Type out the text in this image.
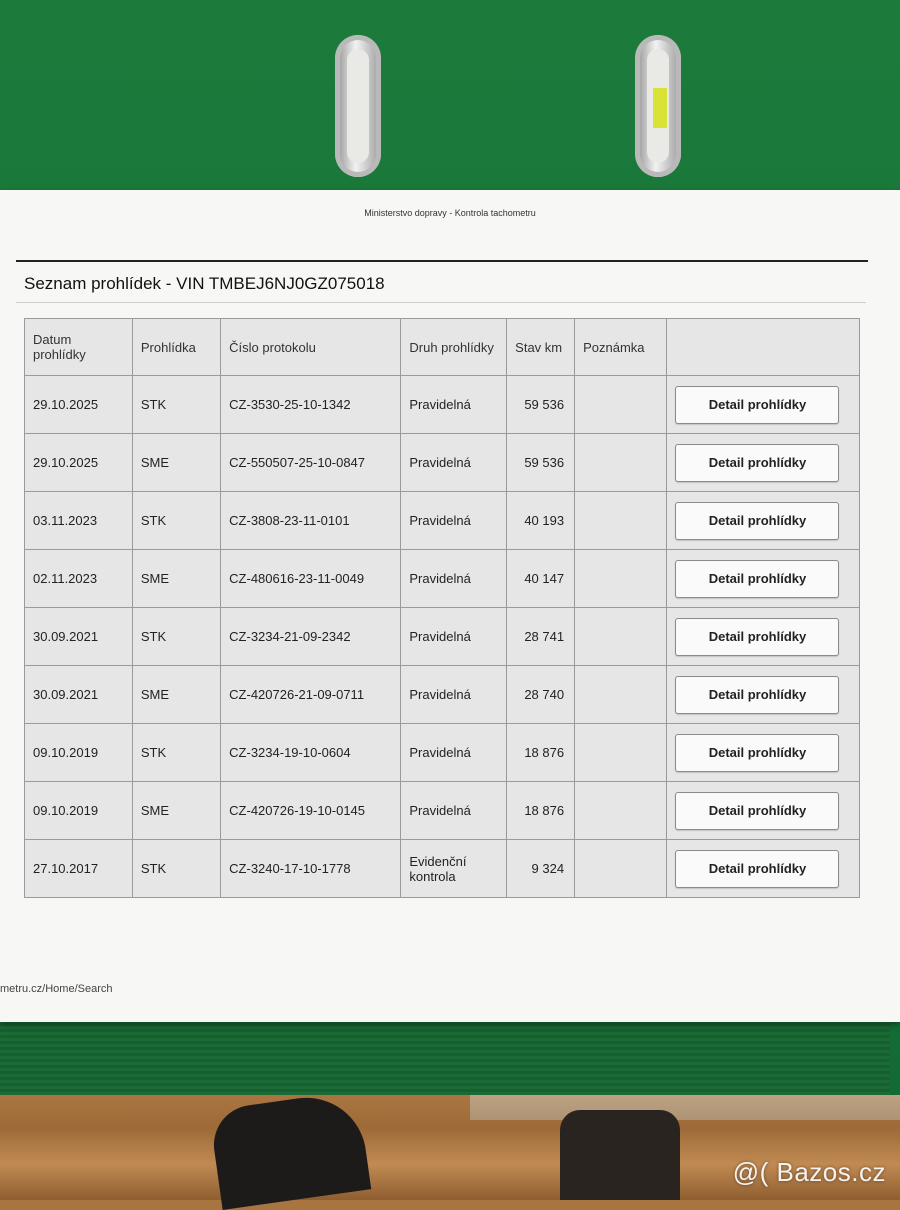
Ministerstvo dopravy - Kontrola tachometru
Seznam prohlídek - VIN TMBEJ6NJ0GZ075018
Datum prohlídky	Prohlídka	Číslo protokolu	Druh prohlídky	Stav km	Poznámka	
29.10.2025	STK	CZ-3530-25-10-1342	Pravidelná	59 536		Detail prohlídky
29.10.2025	SME	CZ-550507-25-10-0847	Pravidelná	59 536		Detail prohlídky
03.11.2023	STK	CZ-3808-23-11-0101	Pravidelná	40 193		Detail prohlídky
02.11.2023	SME	CZ-480616-23-11-0049	Pravidelná	40 147		Detail prohlídky
30.09.2021	STK	CZ-3234-21-09-2342	Pravidelná	28 741		Detail prohlídky
30.09.2021	SME	CZ-420726-21-09-0711	Pravidelná	28 740		Detail prohlídky
09.10.2019	STK	CZ-3234-19-10-0604	Pravidelná	18 876		Detail prohlídky
09.10.2019	SME	CZ-420726-19-10-0145	Pravidelná	18 876		Detail prohlídky
27.10.2017	STK	CZ-3240-17-10-1778	Evidenční kontrola	9 324		Detail prohlídky
metru.cz/Home/Search
@( Bazos.cz
